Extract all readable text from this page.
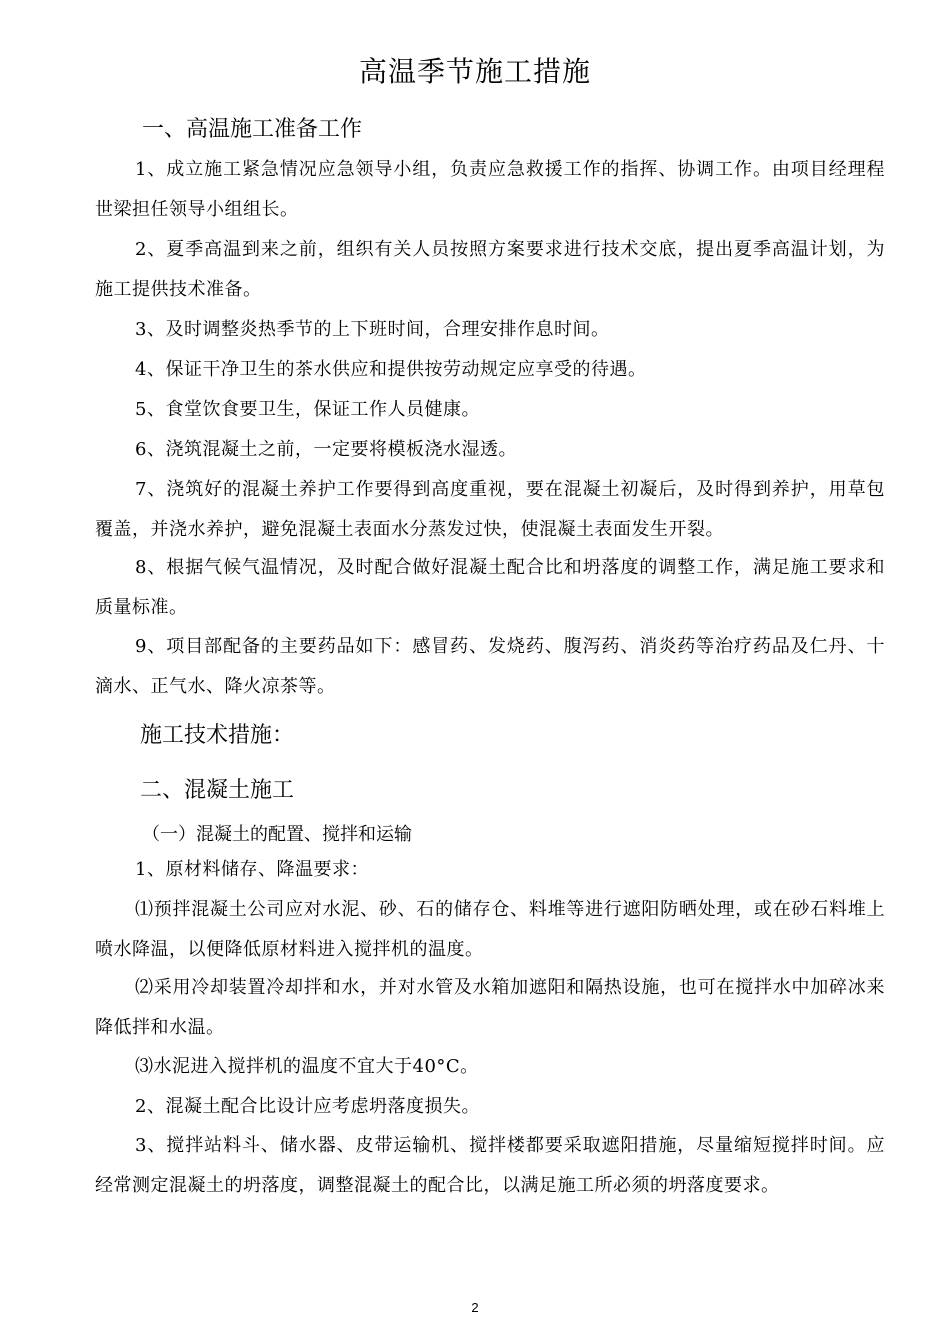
高温季节施工措施
一、高温施工准备工作
1、成立施工紧急情况应急领导小组，负责应急救援工作的指挥、协调工作。由项目经理程世梁担任领导小组组长。
2、夏季高温到来之前，组织有关人员按照方案要求进行技术交底，提出夏季高温计划，为施工提供技术准备。
3、及时调整炎热季节的上下班时间，合理安排作息时间。
4、保证干净卫生的茶水供应和提供按劳动规定应享受的待遇。
5、食堂饮食要卫生，保证工作人员健康。
6、浇筑混凝土之前，一定要将模板浇水湿透。
7、浇筑好的混凝土养护工作要得到高度重视，要在混凝土初凝后，及时得到养护，用草包覆盖，并浇水养护，避免混凝土表面水分蒸发过快，使混凝土表面发生开裂。
8、根据气候气温情况，及时配合做好混凝土配合比和坍落度的调整工作，满足施工要求和质量标准。
9、项目部配备的主要药品如下：感冒药、发烧药、腹泻药、消炎药等治疗药品及仁丹、十滴水、正气水、降火凉茶等。
施工技术措施：
二、混凝土施工
（一）混凝土的配置、搅拌和运输
1、原材料储存、降温要求：
⑴预拌混凝土公司应对水泥、砂、石的储存仓、料堆等进行遮阳防晒处理，或在砂石料堆上喷水降温，以便降低原材料进入搅拌机的温度。
⑵采用冷却装置冷却拌和水，并对水管及水箱加遮阳和隔热设施，也可在搅拌水中加碎冰来降低拌和水温。
⑶水泥进入搅拌机的温度不宜大于40°C。
2、混凝土配合比设计应考虑坍落度损失。
3、搅拌站料斗、储水器、皮带运输机、搅拌楼都要采取遮阳措施，尽量缩短搅拌时间。应经常测定混凝土的坍落度，调整混凝土的配合比，以满足施工所必须的坍落度要求。
2
